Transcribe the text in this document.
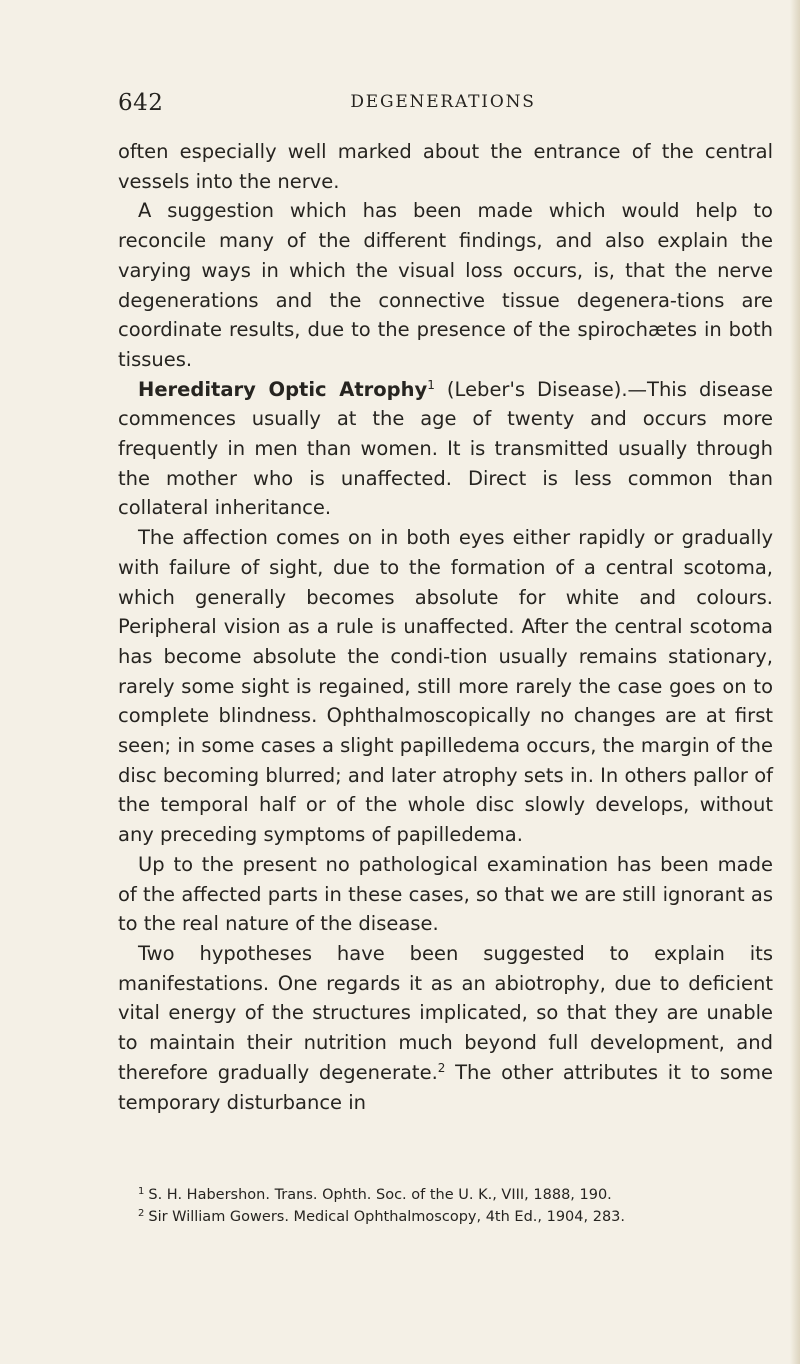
642	DEGENERATIONS

often especially well marked about the entrance of the central vessels into the nerve.

A suggestion which has been made which would help to reconcile many of the different findings, and also explain the varying ways in which the visual loss occurs, is, that the nerve degenerations and the connective tissue degenera-tions are coordinate results, due to the presence of the spirochætes in both tissues.

Hereditary Optic Atrophy$^1$ (Leber's Disease).—This disease commences usually at the age of twenty and occurs more frequently in men than women. It is transmitted usually through the mother who is unaffected. Direct is less common than collateral inheritance.

The affection comes on in both eyes either rapidly or gradually with failure of sight, due to the formation of a central scotoma, which generally becomes absolute for white and colours. Peripheral vision as a rule is unaffected. After the central scotoma has become absolute the condi-tion usually remains stationary, rarely some sight is regained, still more rarely the case goes on to complete blindness. Ophthalmoscopically no changes are at first seen; in some cases a slight papilledema occurs, the margin of the disc becoming blurred; and later atrophy sets in. In others pallor of the temporal half or of the whole disc slowly develops, without any preceding symptoms of papilledema.

Up to the present no pathological examination has been made of the affected parts in these cases, so that we are still ignorant as to the real nature of the disease.

Two hypotheses have been suggested to explain its manifestations. One regards it as an abiotrophy, due to deficient vital energy of the structures implicated, so that they are unable to maintain their nutrition much beyond full development, and therefore gradually degenerate.$^2$ The other attributes it to some temporary disturbance in

$^1$ S. H. Habershon. Trans. Ophth. Soc. of the U. K., VIII, 1888, 190.

$^2$ Sir William Gowers. Medical Ophthalmoscopy, 4th Ed., 1904, 283.
